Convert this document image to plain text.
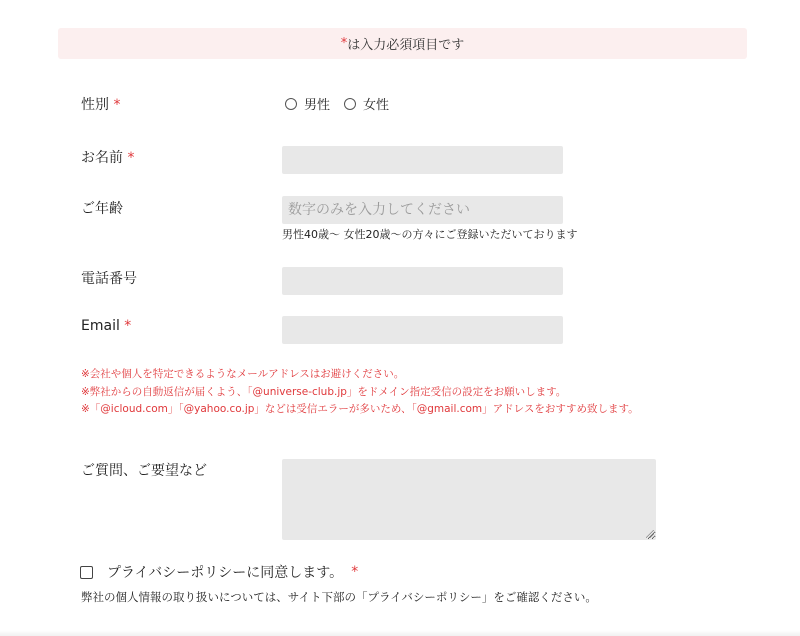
* は入力必須項目です
性別 *	男性	女性
お名前 *
ご年齢
数字のみを入力してください
男性40歳〜 女性20歳〜の方々にご登録いただいております
電話番号
Email *
※会社や個人を特定できるようなメールアドレスはお避けください。
※弊社からの自動返信が届くよう、「@universe-club.jp」をドメイン指定受信の設定をお願いします。
※「@icloud.com」「@yahoo.co.jp」などは受信エラーが多いため、「@gmail.com」アドレスをおすすめ致します。
ご質問、ご要望など
プライバシーポリシーに同意します。 *
弊社の個人情報の取り扱いについては、サイト下部の「プライバシーポリシー」をご確認ください。
